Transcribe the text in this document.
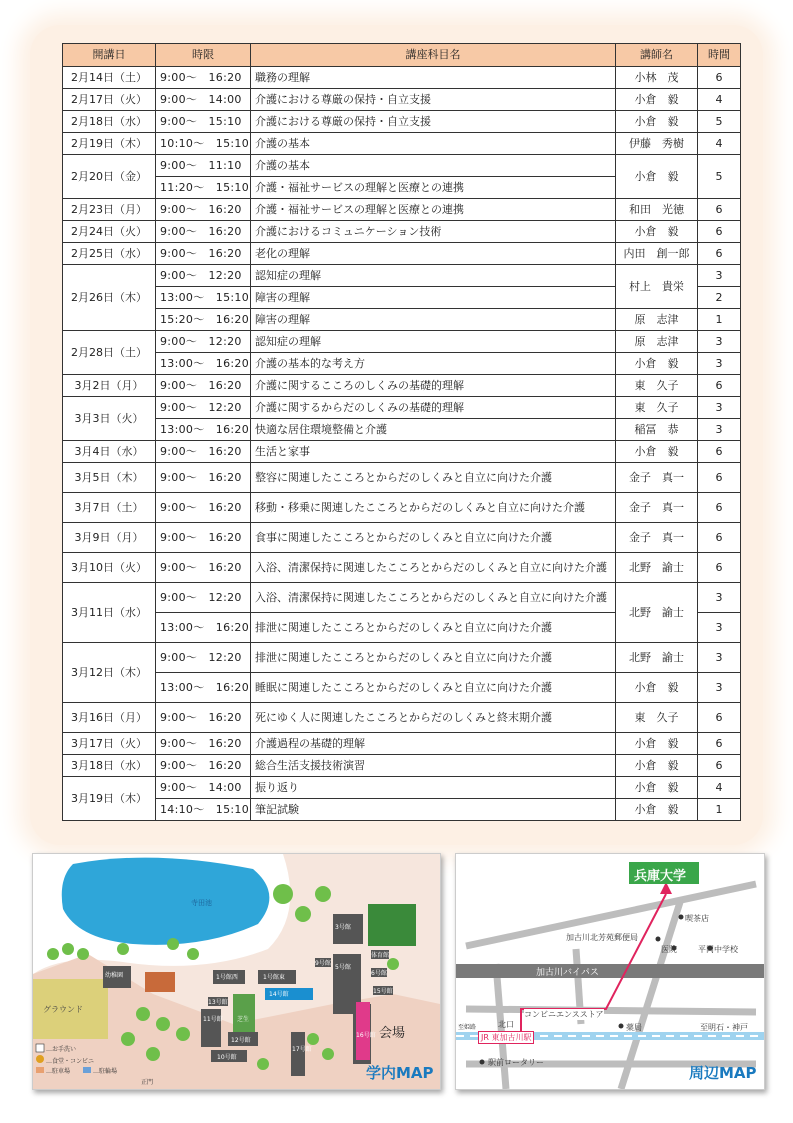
開講日	時限	講座科目名	講師名	時間
2月14日（土）	9:00～　16:20	職務の理解	小林　茂	6
2月17日（火）	9:00～　14:00	介護における尊厳の保持・自立支援	小倉　毅	4
2月18日（水）	9:00～　15:10	介護における尊厳の保持・自立支援	小倉　毅	5
2月19日（木）	10:10～　15:10	介護の基本	伊藤　秀樹	4
2月20日（金）	9:00～　11:10	介護の基本	小倉　毅	5
	11:20～　15:10	介護・福祉サービスの理解と医療との連携		
2月23日（月）	9:00～　16:20	介護・福祉サービスの理解と医療との連携	和田　光徳	6
2月24日（火）	9:00～　16:20	介護におけるコミュニケーション技術	小倉　毅	6
2月25日（水）	9:00～　16:20	老化の理解	内田　創一郎	6
2月26日（木）	9:00～　12:20	認知症の理解	村上　貴栄	3
	13:00～　15:10	障害の理解		2
	15:20～　16:20	障害の理解	原　志津	1
2月28日（土）	9:00～　12:20	認知症の理解	原　志津	3
	13:00～　16:20	介護の基本的な考え方	小倉　毅	3
3月2日（月）	9:00～　16:20	介護に関するこころのしくみの基礎的理解	東　久子	6
3月3日（火）	9:00～　12:20	介護に関するからだのしくみの基礎的理解	東　久子	3
	13:00～　16:20	快適な居住環境整備と介護	稲冨　恭	3
3月4日（水）	9:00～　16:20	生活と家事	小倉　毅	6
3月5日（木）	9:00～　16:20	整容に関連したこころとからだのしくみと自立に向けた介護	金子　真一	6
3月7日（土）	9:00～　16:20	移動・移乗に関連したこころとからだのしくみと自立に向けた介護	金子　真一	6
3月9日（月）	9:00～　16:20	食事に関連したこころとからだのしくみと自立に向けた介護	金子　真一	6
3月10日（火）	9:00～　16:20	入浴、清潔保持に関連したこころとからだのしくみと自立に向けた介護	北野　諭士	6
3月11日（水）	9:00～　12:20	入浴、清潔保持に関連したこころとからだのしくみと自立に向けた介護	北野　諭士	3
	13:00～　16:20	排泄に関連したこころとからだのしくみと自立に向けた介護		3
3月12日（木）	9:00～　12:20	排泄に関連したこころとからだのしくみと自立に向けた介護	北野　諭士	3
	13:00～　16:20	睡眠に関連したこころとからだのしくみと自立に向けた介護	小倉　毅	3
3月16日（月）	9:00～　16:20	死にゆく人に関連したこころとからだのしくみと終末期介護	東　久子	6
3月17日（火）	9:00～　16:20	介護過程の基礎的理解	小倉　毅	6
3月18日（水）	9:00～　16:20	総合生活支援技術演習	小倉　毅	6
3月19日（木）	9:00～　14:00	振り返り	小倉　毅	4
	14:10～　15:10	筆記試験	小倉　毅	1
寺田池
グラウンド
幼稚園	1号館西	1号館東
14号館
芝生
11号館
12号館
10号館
17号館
3号館
5号館
体育館
6号館
15号館
9号館
13号館
16号館
正門
会場
…お手洗い
…食堂・コンビニ
…駐車場	…駐輪場	学内MAP
兵庫大学
喫茶店
加古川北芳苑郵便局
医院	平岡中学校
加古川バイパス
北口
コンビニエンスストア
薬局	至明石・神戸
駅前ロータリー
至姫路
JR 東加古川駅
周辺MAP
